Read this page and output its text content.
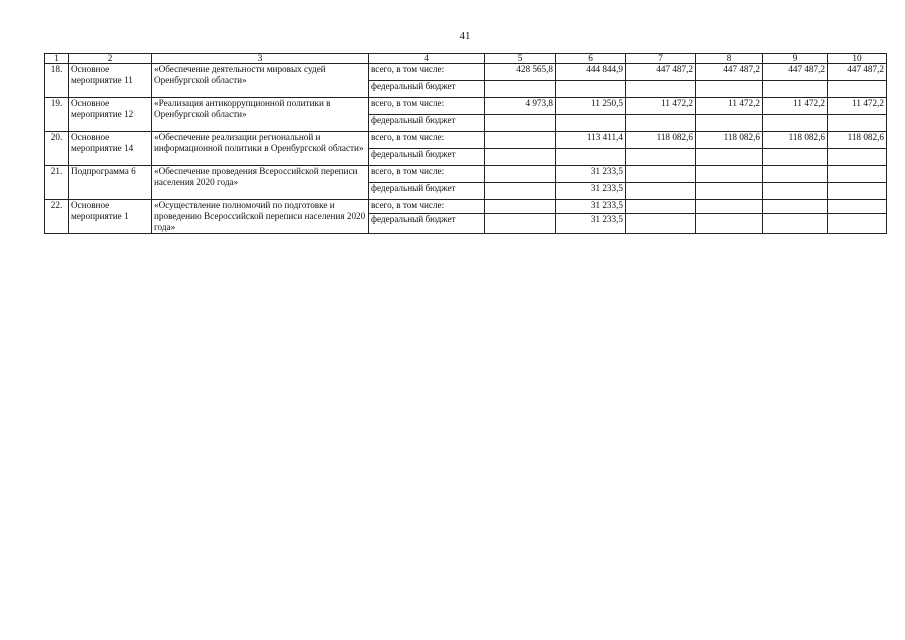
41
1	2	3	4	5	6	7	8	9	10
18.	Основное мероприятие 11	«Обеспечение деятельности мировых судей Оренбургской области»	всего, в том числе:	428 565,8	444 844,9	447 487,2	447 487,2	447 487,2	447 487,2
			федеральный бюджет						
19.	Основное мероприятие 12	«Реализация антикоррупционной политики в Оренбургской области»	всего, в том числе:	4 973,8	11 250,5	11 472,2	11 472,2	11 472,2	11 472,2
			федеральный бюджет						
20.	Основное мероприятие 14	«Обеспечение реализации региональной и информационной политики в Оренбургской области»	всего, в том числе:		113 411,4	118 082,6	118 082,6	118 082,6	118 082,6
			федеральный бюджет						
21.	Подпрограмма 6	«Обеспечение проведения Всероссийской переписи населения 2020 года»	всего, в том числе:		31 233,5				
			федеральный бюджет		31 233,5				
22.	Основное мероприятие 1	«Осуществление полномочий по подготовке и проведению Всероссийской переписи населения 2020 года»	всего, в том числе:		31 233,5				
			федеральный бюджет		31 233,5				
